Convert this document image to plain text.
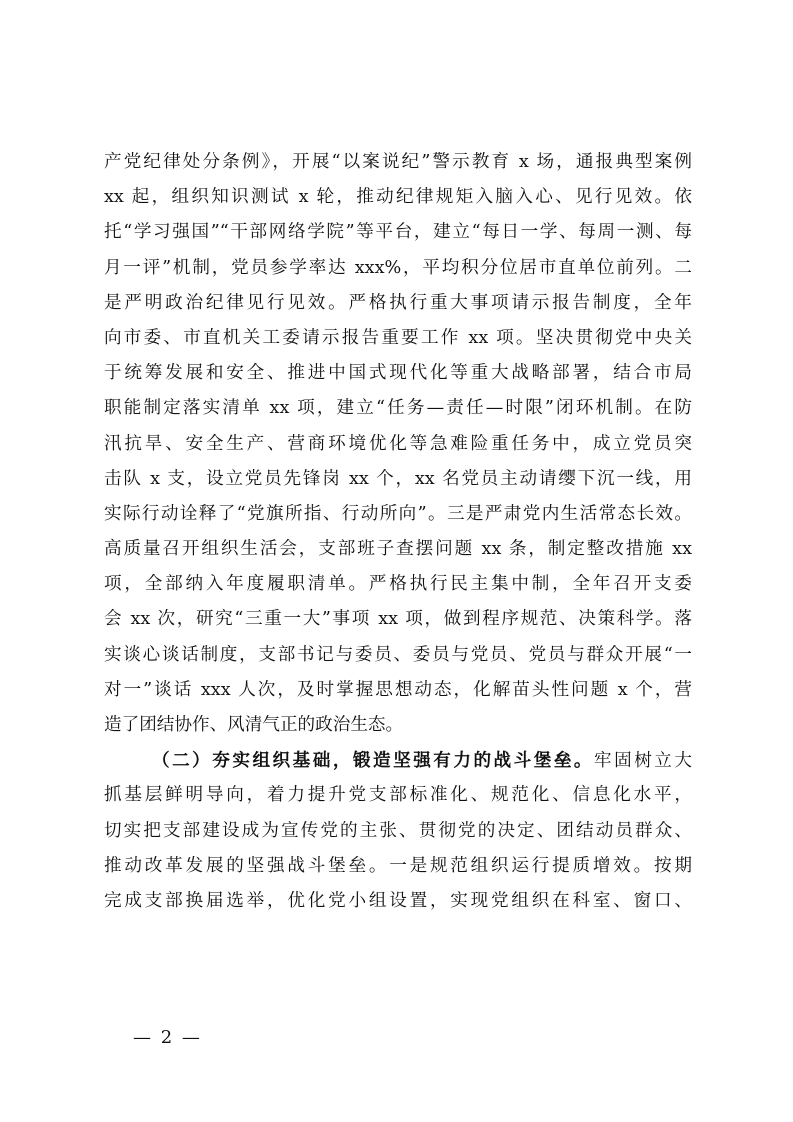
产党纪律处分条例》，开展“以案说纪”警示教育 x 场，通报典型案例
xx 起，组织知识测试 x 轮，推动纪律规矩入脑入心、见行见效。依
托“学习强国”“干部网络学院”等平台，建立“每日一学、每周一测、每
月一评”机制，党员参学率达 xxx%，平均积分位居市直单位前列。二
是严明政治纪律见行见效。严格执行重大事项请示报告制度，全年
向市委、市直机关工委请示报告重要工作 xx 项。坚决贯彻党中央关
于统筹发展和安全、推进中国式现代化等重大战略部署，结合市局
职能制定落实清单 xx 项，建立“任务—责任—时限”闭环机制。在防
汛抗旱、安全生产、营商环境优化等急难险重任务中，成立党员突
击队 x 支，设立党员先锋岗 xx 个，xx 名党员主动请缨下沉一线，用
实际行动诠释了“党旗所指、行动所向”。三是严肃党内生活常态长效。
高质量召开组织生活会，支部班子查摆问题 xx 条，制定整改措施 xx
项，全部纳入年度履职清单。严格执行民主集中制，全年召开支委
会 xx 次，研究“三重一大”事项 xx 项，做到程序规范、决策科学。落
实谈心谈话制度，支部书记与委员、委员与党员、党员与群众开展“一
对一”谈话 xxx 人次，及时掌握思想动态，化解苗头性问题 x 个，营
造了团结协作、风清气正的政治生态。
（二）夯实组织基础，锻造坚强有力的战斗堡垒。牢固树立大
抓基层鲜明导向，着力提升党支部标准化、规范化、信息化水平，
切实把支部建设成为宣传党的主张、贯彻党的决定、团结动员群众、
推动改革发展的坚强战斗堡垒。一是规范组织运行提质增效。按期
完成支部换届选举，优化党小组设置，实现党组织在科室、窗口、
— 2 —
